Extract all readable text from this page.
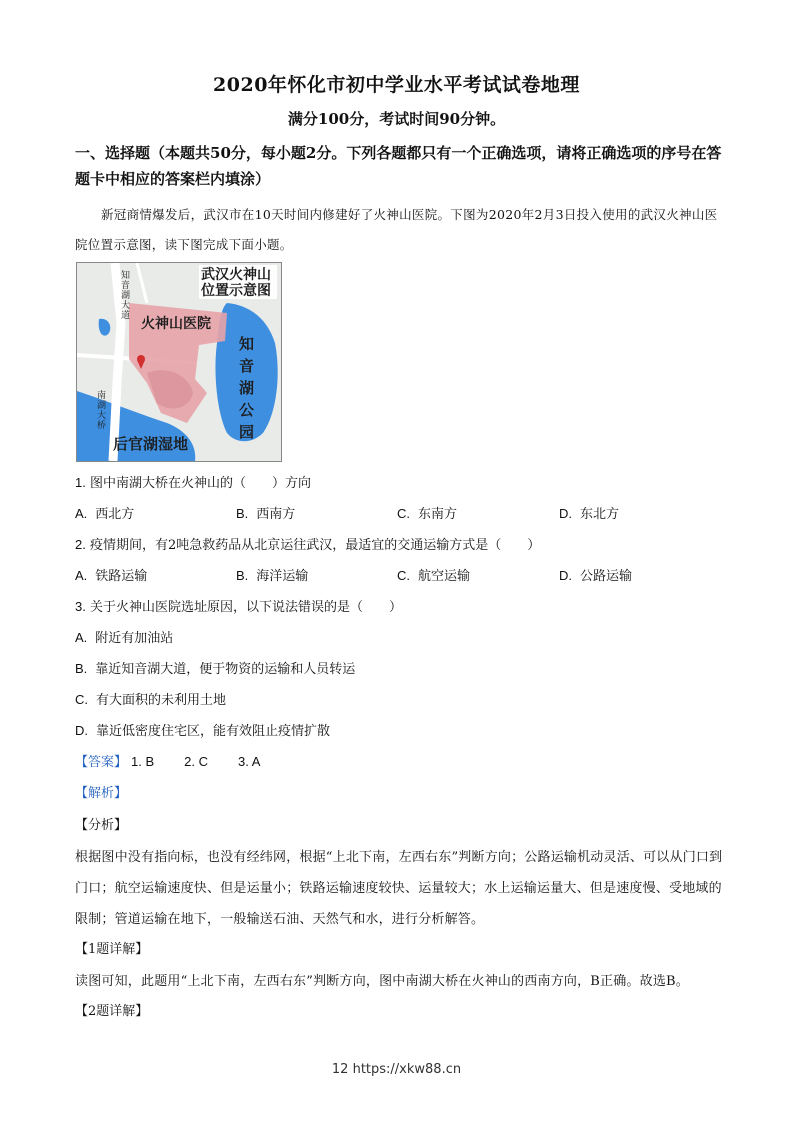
2020年怀化市初中学业水平考试试卷地理
满分100分，考试时间90分钟。
一、选择题（本题共50分，每小题2分。下列各题都只有一个正确选项，请将正确选项的序号在答题卡中相应的答案栏内填涂）
新冠商情爆发后，武汉市在10天时间内修建好了火神山医院。下图为2020年2月3日投入使用的武汉火神山医院位置示意图，读下图完成下面小题。
武汉火神山
位置示意图
火神山医院
知音湖公园
后官湖湿地
知音湖大道
南湖大桥
1. 图中南湖大桥在火神山的（　　）方向
A. 西北方	B. 西南方	C. 东南方	D. 东北方
2. 疫情期间，有2吨急救药品从北京运往武汉，最适宜的交通运输方式是（　　）
A. 铁路运输	B. 海洋运输	C. 航空运输	D. 公路运输
3. 关于火神山医院选址原因，以下说法错误的是（　　）
A. 附近有加油站
B. 靠近知音湖大道，便于物资的运输和人员转运
C. 有大面积的未利用土地
D. 靠近低密度住宅区，能有效阻止疫情扩散
【答案】 1. B 2. C 3. A
【解析】
【分析】
根据图中没有指向标，也没有经纬网，根据“上北下南，左西右东”判断方向；公路运输机动灵活、可以从门口到门口；航空运输速度快、但是运量小；铁路运输速度较快、运量较大；水上运输运量大、但是速度慢、受地域的限制；管道运输在地下，一般输送石油、天然气和水，进行分析解答。
【1题详解】
读图可知，此题用“上北下南，左西右东”判断方向，图中南湖大桥在火神山的西南方向，B正确。故选B。
【2题详解】
12 https://xkw88.cn
